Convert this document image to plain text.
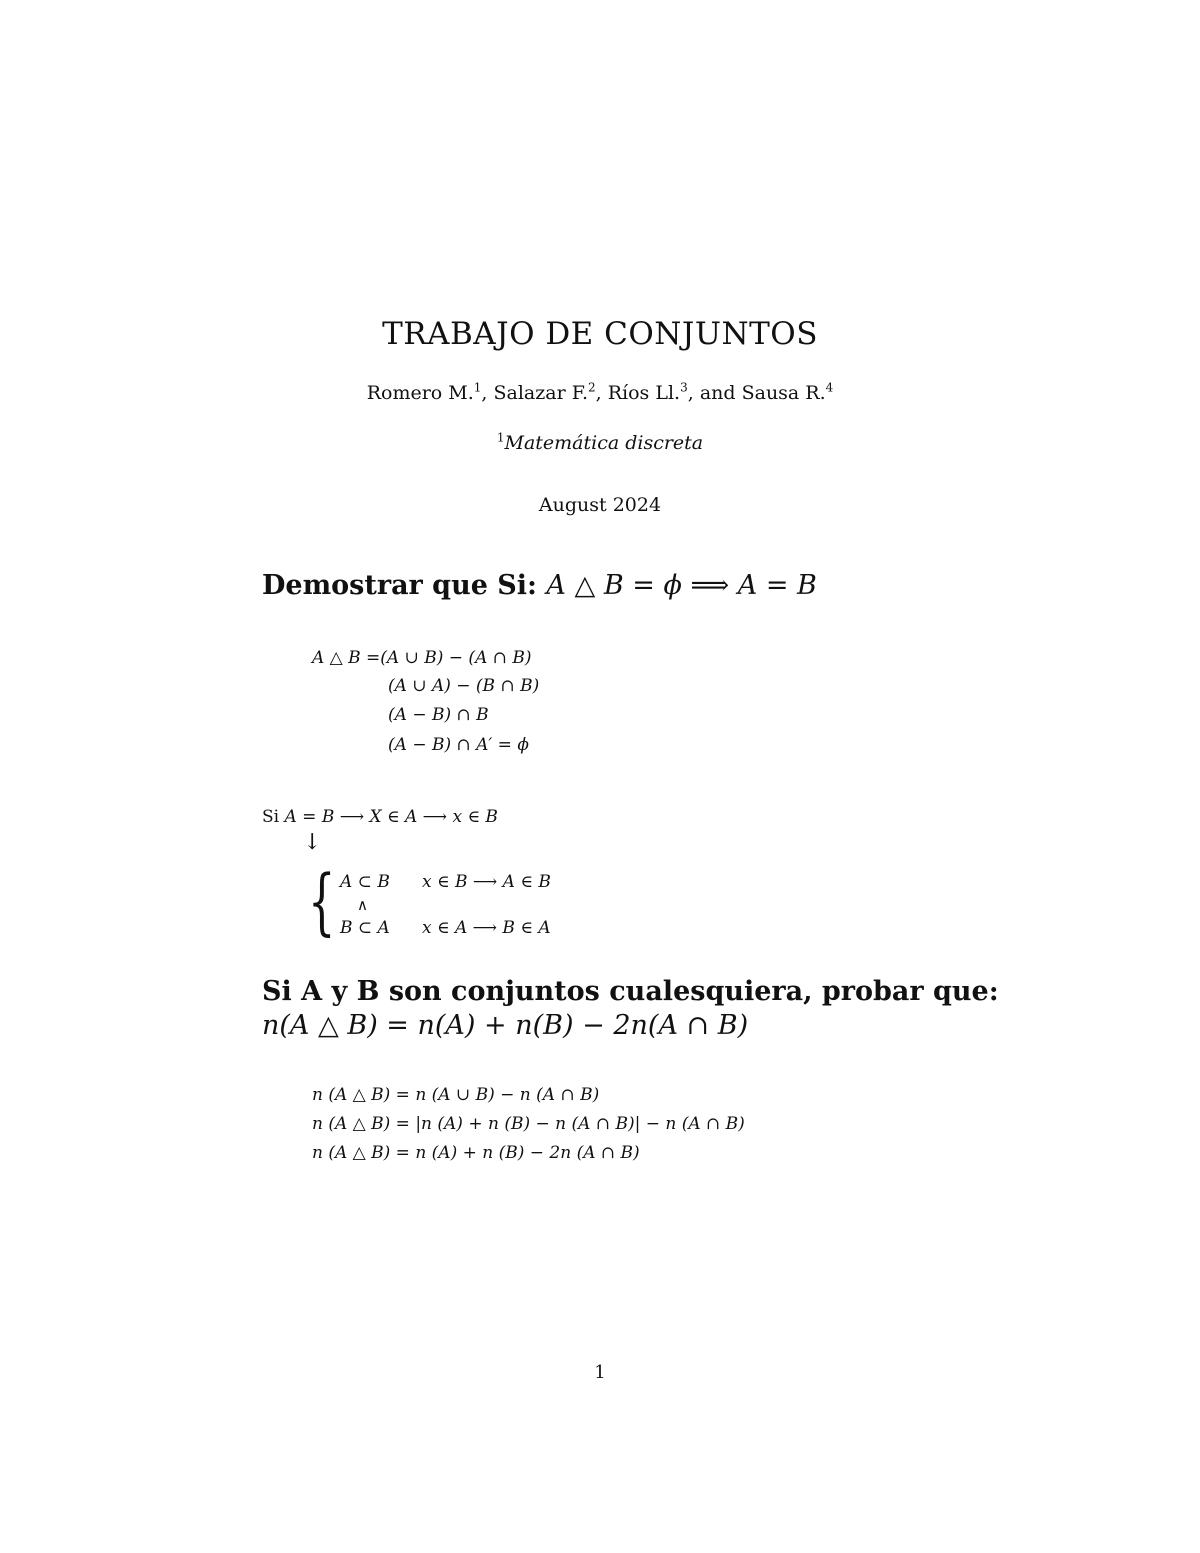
TRABAJO DE CONJUNTOS
Romero M.$^1$, Salazar F.$^2$, Ríos Ll.$^3$, and Sausa R.$^4$
$^1$Matemática discreta
August 2024
Demostrar que Si: A △ B = ϕ ⟹ A = B
A △ B =(A ∪ B) − (A ∩ B)
(A ∪ A) − (B ∩ B)
(A − B) ∩ B
(A − B) ∩ A′ = ϕ
Si A = B ⟶ X ∈ A ⟶ x ∈ B
↓
{ A ⊂ B x ∈ B ⟶ A ∈ B
∧
B ⊂ A x ∈ A ⟶ B ∈ A
Si A y B son conjuntos cualesquiera, probar que:
n(A △ B) = n(A) + n(B) − 2n(A ∩ B)
n (A △ B) = n (A ∪ B) − n (A ∩ B)
n (A △ B) = |n (A) + n (B) − n (A ∩ B)| − n (A ∩ B)
n (A △ B) = n (A) + n (B) − 2n (A ∩ B)
1
